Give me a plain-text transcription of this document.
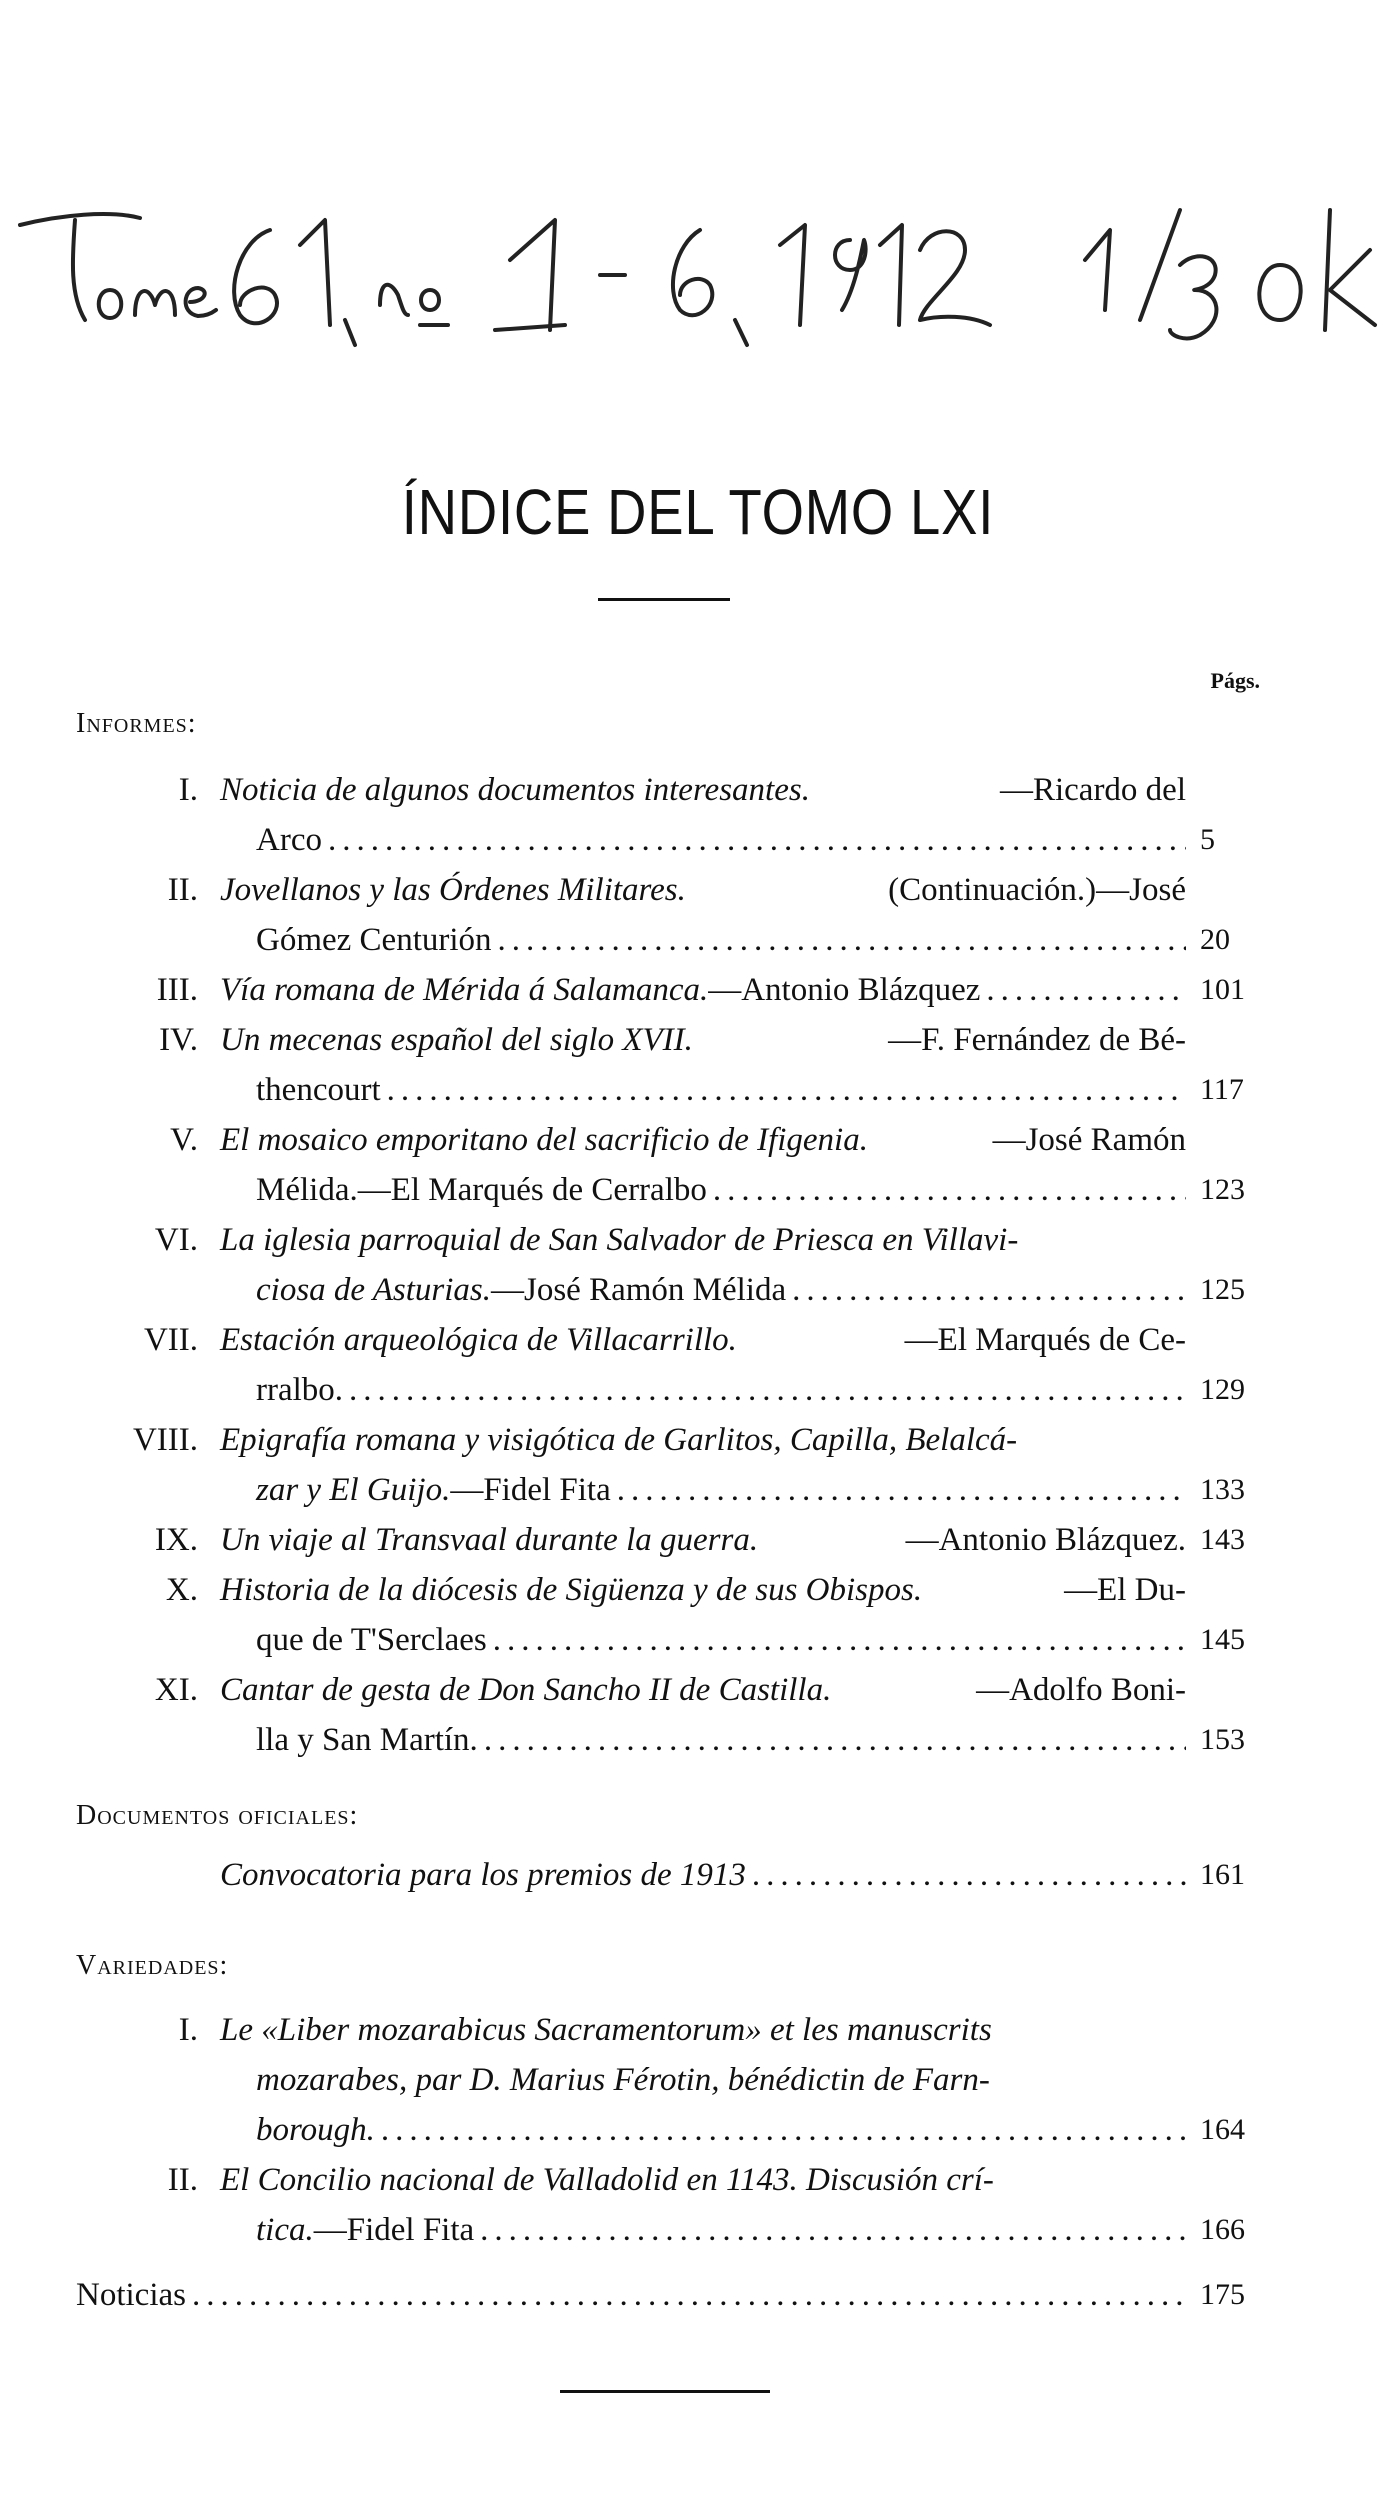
ÍNDICE DEL TOMO LXI
Págs.
Informes:
I. Noticia de algunos documentos interesantes.	—Ricardo del
Arco .....	5
II. Jovellanos y las Órdenes Militares.	(Continuación.)—José
Gómez Centurión .....	20
III. Vía romana de Mérida á Salamanca. —Antonio Blázquez .....	101
IV. Un mecenas español del siglo XVII.	—F. Fernández de Bé-
thencourt .....	117
V. El mosaico emporitano del sacrificio de Ifigenia.	—José Ramón
Mélida.—El Marqués de Cerralbo .....	123
VI. La iglesia parroquial de San Salvador de Priesca en Villavi-
ciosa de Asturias. —José Ramón Mélida .....	125
VII. Estación arqueológica de Villacarrillo.	—El Marqués de Ce-
rralbo. .....	129
VIII. Epigrafía romana y visigótica de Garlitos, Capilla, Belalcá-
zar y El Guijo. —Fidel Fita .....	133
IX. Un viaje al Transvaal durante la guerra.	—Antonio Blázquez. 143
X. Historia de la diócesis de Sigüenza y de sus Obispos.	—El Du-
que de T'Serclaes .....	145
XI. Cantar de gesta de Don Sancho II de Castilla.	—Adolfo Boni-
lla y San Martín. .....	153
Documentos oficiales:
Convocatoria para los premios de 1913 .....	161
Variedades:
I. Le «Liber mozarabicus Sacramentorum» et les manuscrits
mozarabes, par D. Marius Férotin, bénédictin de Farn-
borough. .....	164
II. El Concilio nacional de Valladolid en 1143. Discusión crí-
tica. —Fidel Fita .....	166
Noticias .....	175
